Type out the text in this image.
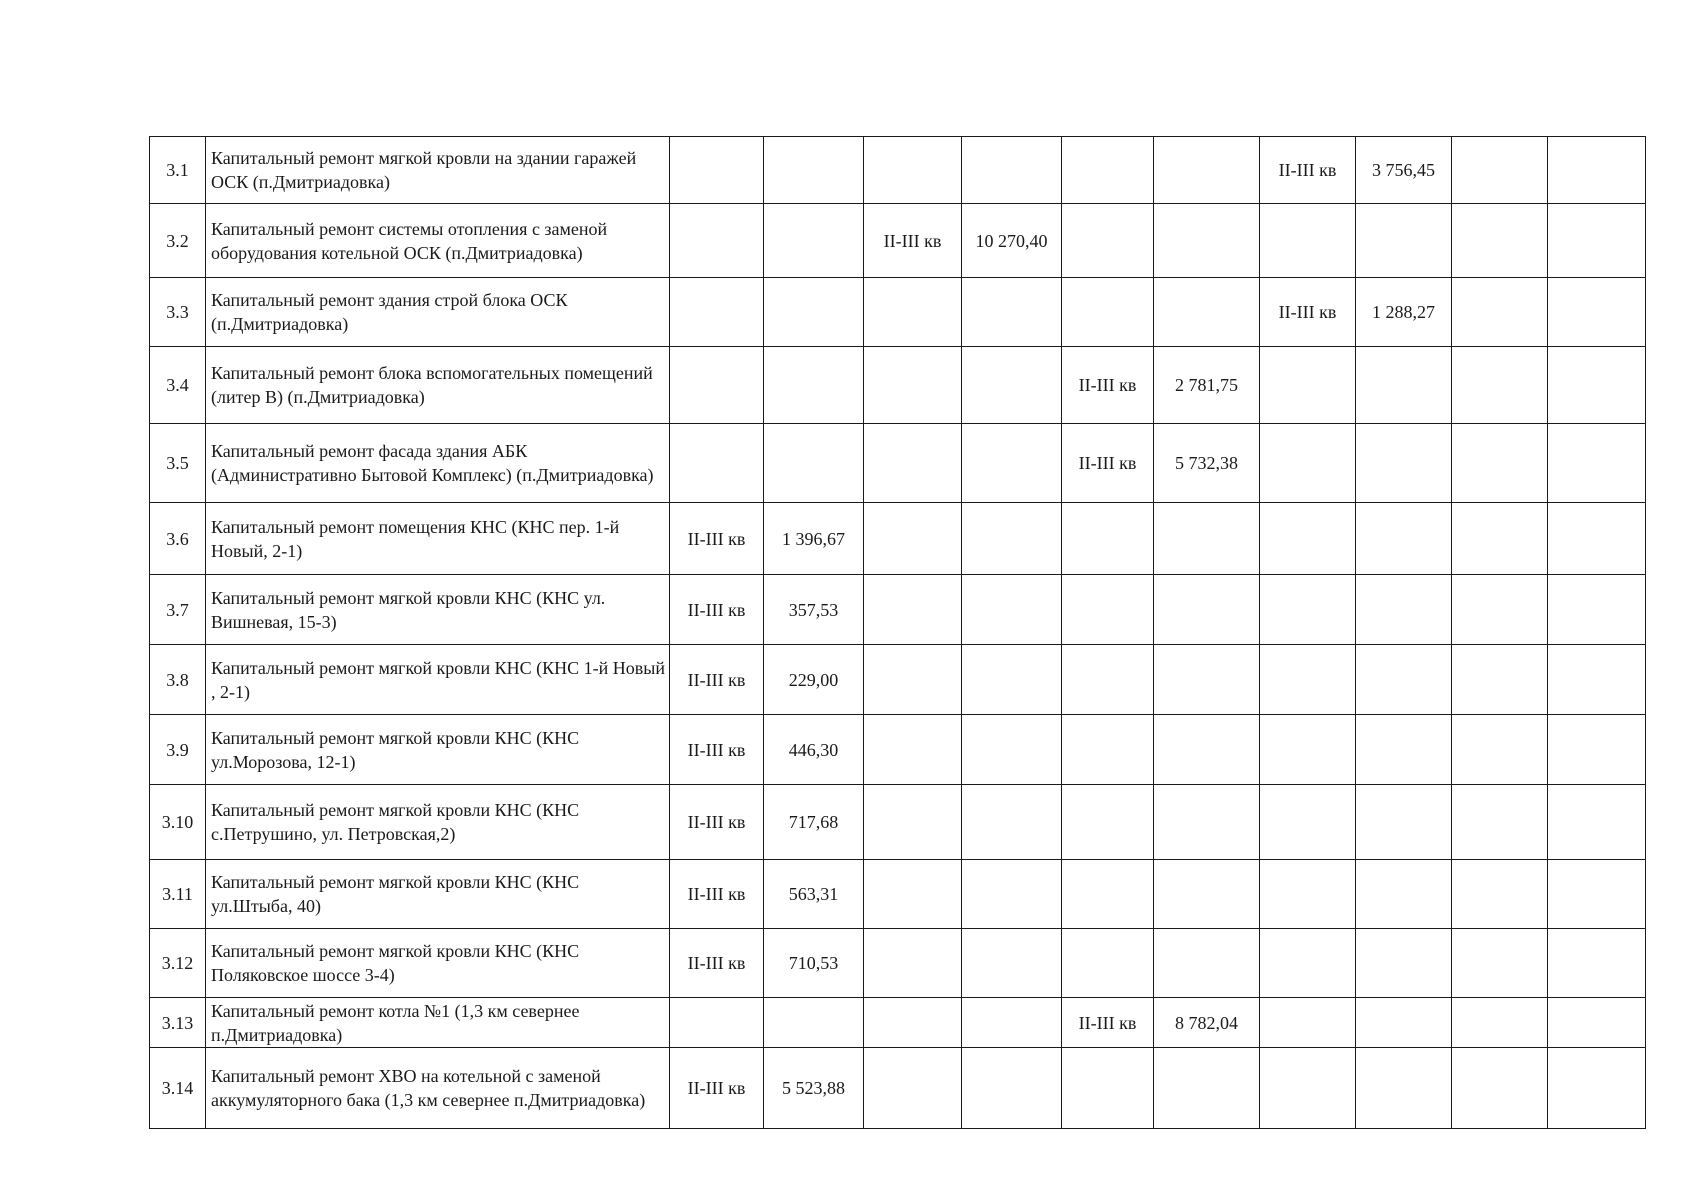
3.1	Капитальный ремонт мягкой кровли на здании гаражей ОСК (п.Дмитриадовка)							II-III кв	3 756,45		
3.2	Капитальный ремонт системы отопления с заменой оборудования котельной ОСК (п.Дмитриадовка)			II-III кв	10 270,40						
3.3	Капитальный ремонт здания строй блока ОСК (п.Дмитриадовка)							II-III кв	1 288,27		
3.4	Капитальный ремонт блока вспомогательных помещений (литер В) (п.Дмитриадовка)					II-III кв	2 781,75				
3.5	Капитальный ремонт фасада здания АБК (Административно Бытовой Комплекс) (п.Дмитриадовка)					II-III кв	5 732,38				
3.6	Капитальный ремонт помещения КНС (КНС пер. 1-й Новый, 2-1)	II-III кв	1 396,67								
3.7	Капитальный ремонт мягкой кровли КНС (КНС ул. Вишневая, 15-3)	II-III кв	357,53								
3.8	Капитальный ремонт мягкой кровли КНС (КНС 1-й Новый , 2-1)	II-III кв	229,00								
3.9	Капитальный ремонт мягкой кровли КНС (КНС ул.Морозова, 12-1)	II-III кв	446,30								
3.10	Капитальный ремонт мягкой кровли КНС (КНС с.Петрушино, ул. Петровская,2)	II-III кв	717,68								
3.11	Капитальный ремонт мягкой кровли КНС (КНС ул.Штыба, 40)	II-III кв	563,31								
3.12	Капитальный ремонт мягкой кровли КНС (КНС Поляковское шоссе 3-4)	II-III кв	710,53								
3.13	Капитальный ремонт котла №1 (1,3 км севернее п.Дмитриадовка)					II-III кв	8 782,04				
3.14	Капитальный ремонт ХВО на котельной с заменой аккумуляторного бака (1,3 км севернее п.Дмитриадовка)	II-III кв	5 523,88								
